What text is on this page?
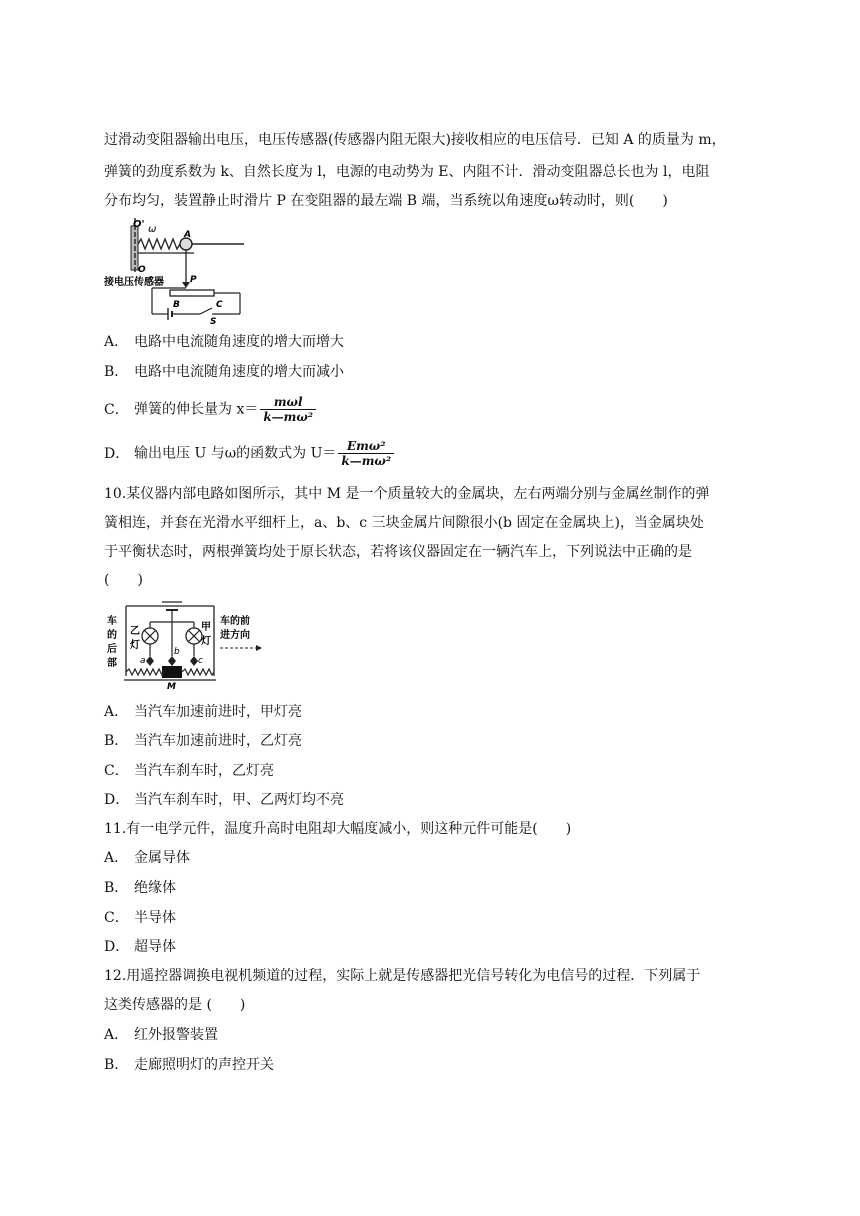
过滑动变阻器输出电压，电压传感器(传感器内阻无限大)接收相应的电压信号．已知 A 的质量为 m，
弹簧的劲度系数为 k、自然长度为 l，电源的电动势为 E、内阻不计．滑动变阻器总长也为 l，电阻
分布均匀，装置静止时滑片 P 在变阻器的最左端 B 端，当系统以角速度ω转动时，则(　　)
O' ω	A
O
接电压传感器	P
B	C
S
A． 电路中电流随角速度的增大而增大
B． 电路中电流随角速度的增大而减小
C． 弹簧的伸长量为 $x= \frac{\text{mωl}}{\text{k—mω²}}$
D． 输出电压 U 与ω的函数式为 $U= \frac{\text{Emω²}}{\text{k—mω²}}$
10.某仪器内部电路如图所示，其中 M 是一个质量较大的金属块，左右两端分别与金属丝制作的弹
簧相连，并套在光滑水平细杆上，a、b、c 三块金属片间隙很小(b 固定在金属块上)，当金属块处
于平衡状态时，两根弹簧均处于原长状态，若将该仪器固定在一辆汽车上，下列说法中正确的是
(　　)
车
的
后
部
乙
灯
甲
灯
车的前
进方向
a
b
c
M
A． 当汽车加速前进时，甲灯亮
B． 当汽车加速前进时，乙灯亮
C． 当汽车刹车时，乙灯亮
D． 当汽车刹车时，甲、乙两灯均不亮
11.有一电学元件，温度升高时电阻却大幅度减小，则这种元件可能是(　　)
A． 金属导体
B． 绝缘体
C． 半导体
D． 超导体
12.用遥控器调换电视机频道的过程，实际上就是传感器把光信号转化为电信号的过程．下列属于
这类传感器的是 (　　)
A． 红外报警装置
B． 走廊照明灯的声控开关
